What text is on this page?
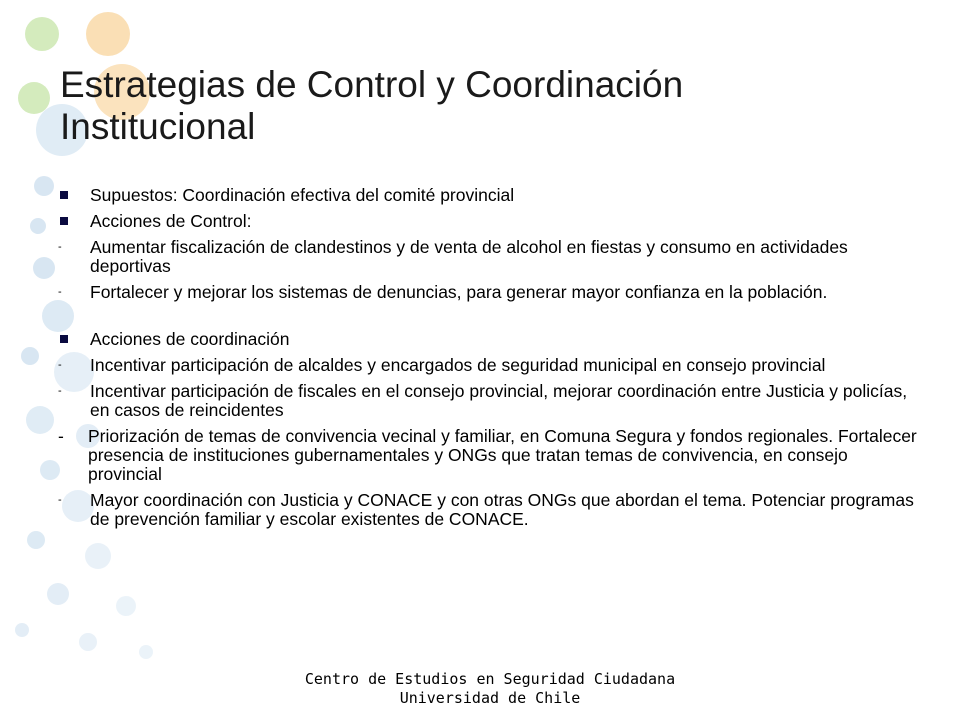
Estrategias de Control y Coordinación Institucional
Supuestos: Coordinación efectiva del comité provincial
Acciones de Control:
- Aumentar fiscalización de clandestinos y de venta de alcohol en fiestas y consumo en actividades deportivas
- Fortalecer y mejorar los sistemas de denuncias, para generar mayor confianza en la población.
Acciones de coordinación
- Incentivar participación de alcaldes y encargados de seguridad municipal en consejo provincial
- Incentivar participación de fiscales en el consejo provincial, mejorar coordinación entre Justicia y policías, en casos de reincidentes
- Priorización de temas de convivencia vecinal y familiar, en Comuna Segura y fondos regionales. Fortalecer presencia de instituciones gubernamentales y ONGs que tratan temas de convivencia, en consejo provincial
- Mayor coordinación con Justicia y CONACE y con otras ONGs que abordan el tema. Potenciar programas de prevención familiar y escolar existentes de CONACE.
Centro de Estudios en Seguridad Ciudadana
Universidad de Chile
